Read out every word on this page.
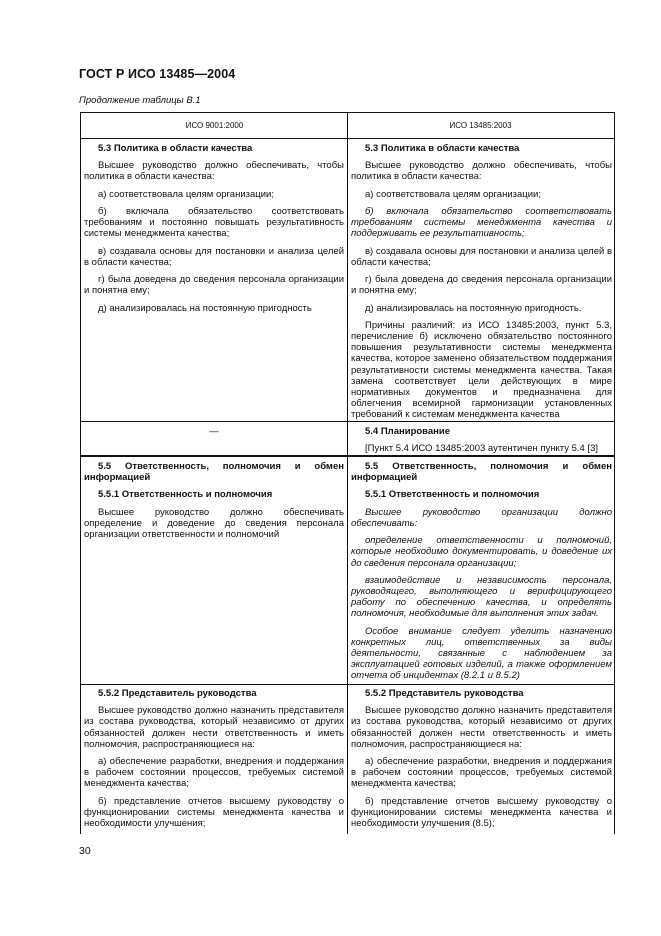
ГОСТ Р ИСО 13485—2004
Продолжение таблицы В.1
ИСО 9001:2000	ИСО 13485:2003

5.3 Политика в области качества

Высшее руководство должно обеспечивать, чтобы политика в области качества:

а) соответствовала целям организации;

б) включала обязательство соответствовать требованиям и постоянно повышать результативность системы менеджмента качества;

в) создавала основы для постановки и анализа целей в области качества;

г) была доведена до сведения персонала организации и понятна ему;

д) анализировалась на постоянную пригодность

5.3 Политика в области качества

Высшее руководство должно обеспечивать, чтобы политика в области качества:

а) соответствовала целям организации;

б) включала обязательство соответствовать требованиям системы менеджмента качества и поддерживать ее результативность;

в) создавала основы для постановки и анализа целей в области качества;

г) была доведена до сведения персонала организации и понятна ему;

д) анализировалась на постоянную пригодность.

Причины различий: из ИСО 13485:2003, пункт 5.3, перечисление б) исключено обязательство постоянного повышения результативности системы менеджмента качества, которое заменено обязательством поддержания результативности системы менеджмента качества. Такая замена соответствует цели действующих в мире нормативных документов и предназначена для облегчения всемирной гармонизации установленных требований к системам менеджмента качества

—	5.4 Планирование

[Пункт 5.4 ИСО 13485:2003 аутентичен пункту 5.4 [3]

5.5 Ответственность, полномочия и обмен информацией

5.5.1 Ответственность и полномочия

Высшее руководство должно обеспечивать определение и доведение до сведения персонала организации ответственности и полномочий

5.5 Ответственность, полномочия и обмен информацией

5.5.1 Ответственность и полномочия

Высшее руководство организации должно обеспечивать:

определение ответственности и полномочий, которые необходимо документировать, и доведение их до сведения персонала организации;

взаимодействие и независимость персонала, руководящего, выполняющего и верифицирующего работу по обеспечению качества, и определять полномочия, необходимые для выполнения этих задач.

Особое внимание следует уделить назначению конкретных лиц, ответственных за виды деятельности, связанные с наблюдением за эксплуатацией готовых изделий, а также оформлением отчета об инцидентах (8.2.1 и 8.5.2)

5.5.2 Представитель руководства

Высшее руководство должно назначить представителя из состава руководства, который независимо от других обязанностей должен нести ответственность и иметь полномочия, распространяющиеся на:

а) обеспечение разработки, внедрения и поддержания в рабочем состоянии процессов, требуемых системой менеджмента качества;

б) представление отчетов высшему руководству о функционировании системы менеджмента качества и необходимости улучшения;

5.5.2 Представитель руководства

Высшее руководство должно назначить представителя из состава руководства, который независимо от других обязанностей должен нести ответственность и иметь полномочия, распространяющиеся на:

а) обеспечение разработки, внедрения и поддержания в рабочем состоянии процессов, требуемых системой менеджмента качества;

б) представление отчетов высшему руководству о функционировании системы менеджмента качества и необходимости улучшения (8.5);

30
